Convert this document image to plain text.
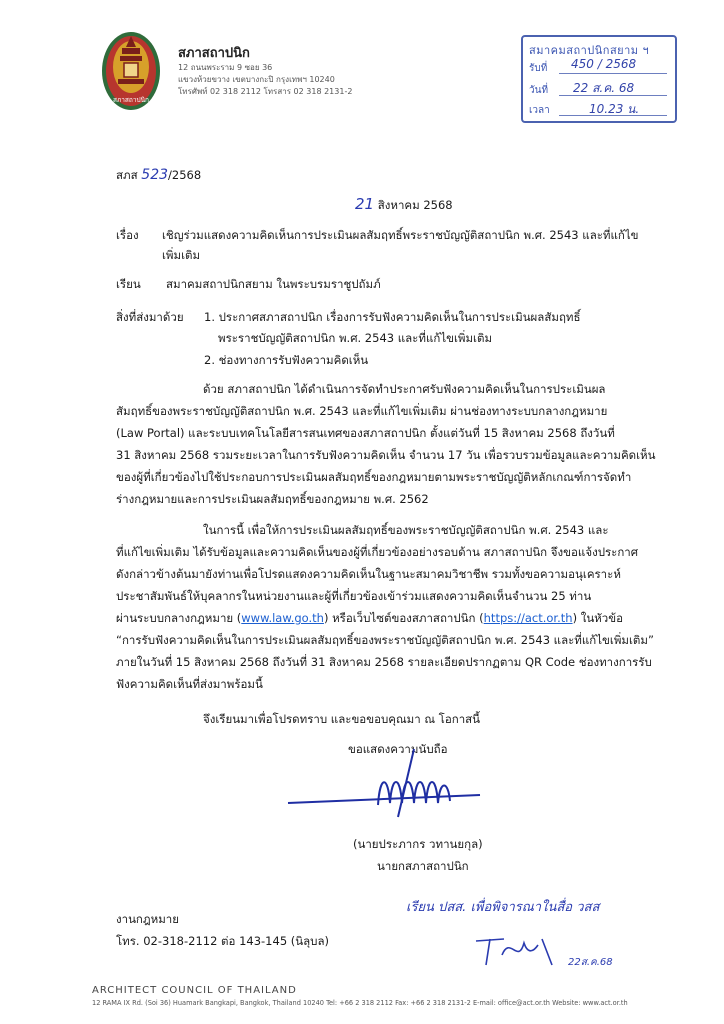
สภาสถาปนิก
สภาสถาปนิก
12 ถนนพระราม 9 ซอย 36
แขวงห้วยขวาง เขตบางกะปิ กรุงเทพฯ 10240
โทรศัพท์ 02 318 2112 โทรสาร 02 318 2131-2
สมาคมสถาปนิกสยาม ฯ
รับที่ 450 / 2568
วันที่ 22 ส.ค. 68
เวลา	10.23 น.
สภส 523/2568
21 สิงหาคม 2568
เรื่อง เชิญร่วมแสดงความคิดเห็นการประเมินผลสัมฤทธิ์พระราชบัญญัติสถาปนิก พ.ศ. 2543 และที่แก้ไข
เพิ่มเติม
เรียน สมาคมสถาปนิกสยาม ในพระบรมราชูปถัมภ์
สิ่งที่ส่งมาด้วย 1. ประกาศสภาสถาปนิก เรื่องการรับฟังความคิดเห็นในการประเมินผลสัมฤทธิ์
พระราชบัญญัติสถาปนิก พ.ศ. 2543 และที่แก้ไขเพิ่มเติม
2. ช่องทางการรับฟังความคิดเห็น
ด้วย สภาสถาปนิก ได้ดำเนินการจัดทำประกาศรับฟังความคิดเห็นในการประเมินผล
สัมฤทธิ์ของพระราชบัญญัติสถาปนิก พ.ศ. 2543 และที่แก้ไขเพิ่มเติม ผ่านช่องทางระบบกลางกฎหมาย
(Law Portal) และระบบเทคโนโลยีสารสนเทศของสภาสถาปนิก ตั้งแต่วันที่ 15 สิงหาคม 2568 ถึงวันที่
31 สิงหาคม 2568 รวมระยะเวลาในการรับฟังความคิดเห็น จำนวน 17 วัน เพื่อรวบรวมข้อมูลและความคิดเห็น
ของผู้ที่เกี่ยวข้องไปใช้ประกอบการประเมินผลสัมฤทธิ์ของกฎหมายตามพระราชบัญญัติหลักเกณฑ์การจัดทำ
ร่างกฎหมายและการประเมินผลสัมฤทธิ์ของกฎหมาย พ.ศ. 2562
ในการนี้ เพื่อให้การประเมินผลสัมฤทธิ์ของพระราชบัญญัติสถาปนิก พ.ศ. 2543 และ
ที่แก้ไขเพิ่มเติม ได้รับข้อมูลและความคิดเห็นของผู้ที่เกี่ยวข้องอย่างรอบด้าน สภาสถาปนิก จึงขอแจ้งประกาศ
ดังกล่าวข้างต้นมายังท่านเพื่อโปรดแสดงความคิดเห็นในฐานะสมาคมวิชาชีพ รวมทั้งขอความอนุเคราะห์
ประชาสัมพันธ์ให้บุคลากรในหน่วยงานและผู้ที่เกี่ยวข้องเข้าร่วมแสดงความคิดเห็นจำนวน 25 ท่าน
ผ่านระบบกลางกฎหมาย (www.law.go.th) หรือเว็บไซต์ของสภาสถาปนิก (https://act.or.th) ในหัวข้อ
“การรับฟังความคิดเห็นในการประเมินผลสัมฤทธิ์ของพระราชบัญญัติสถาปนิก พ.ศ. 2543 และที่แก้ไขเพิ่มเติม”
ภายในวันที่ 15 สิงหาคม 2568 ถึงวันที่ 31 สิงหาคม 2568 รายละเอียดปรากฏตาม QR Code ช่องทางการรับ
ฟังความคิดเห็นที่ส่งมาพร้อมนี้
จึงเรียนมาเพื่อโปรดทราบ และขอขอบคุณมา ณ โอกาสนี้
ขอแสดงความนับถือ
(นายประภากร วทานยกุล)
นายกสภาสถาปนิก
งานกฎหมาย
โทร. 02-318-2112 ต่อ 143-145 (นิลุบล)
เรียน ปสส. เพื่อพิจารณาในสื่อ วสส
22ส.ค.68
ARCHITECT COUNCIL OF THAILAND
12 RAMA IX Rd. (Soi 36) Huamark Bangkapi, Bangkok, Thailand 10240 Tel: +66 2 318 2112 Fax: +66 2 318 2131-2 E-mail: office@act.or.th Website: www.act.or.th
